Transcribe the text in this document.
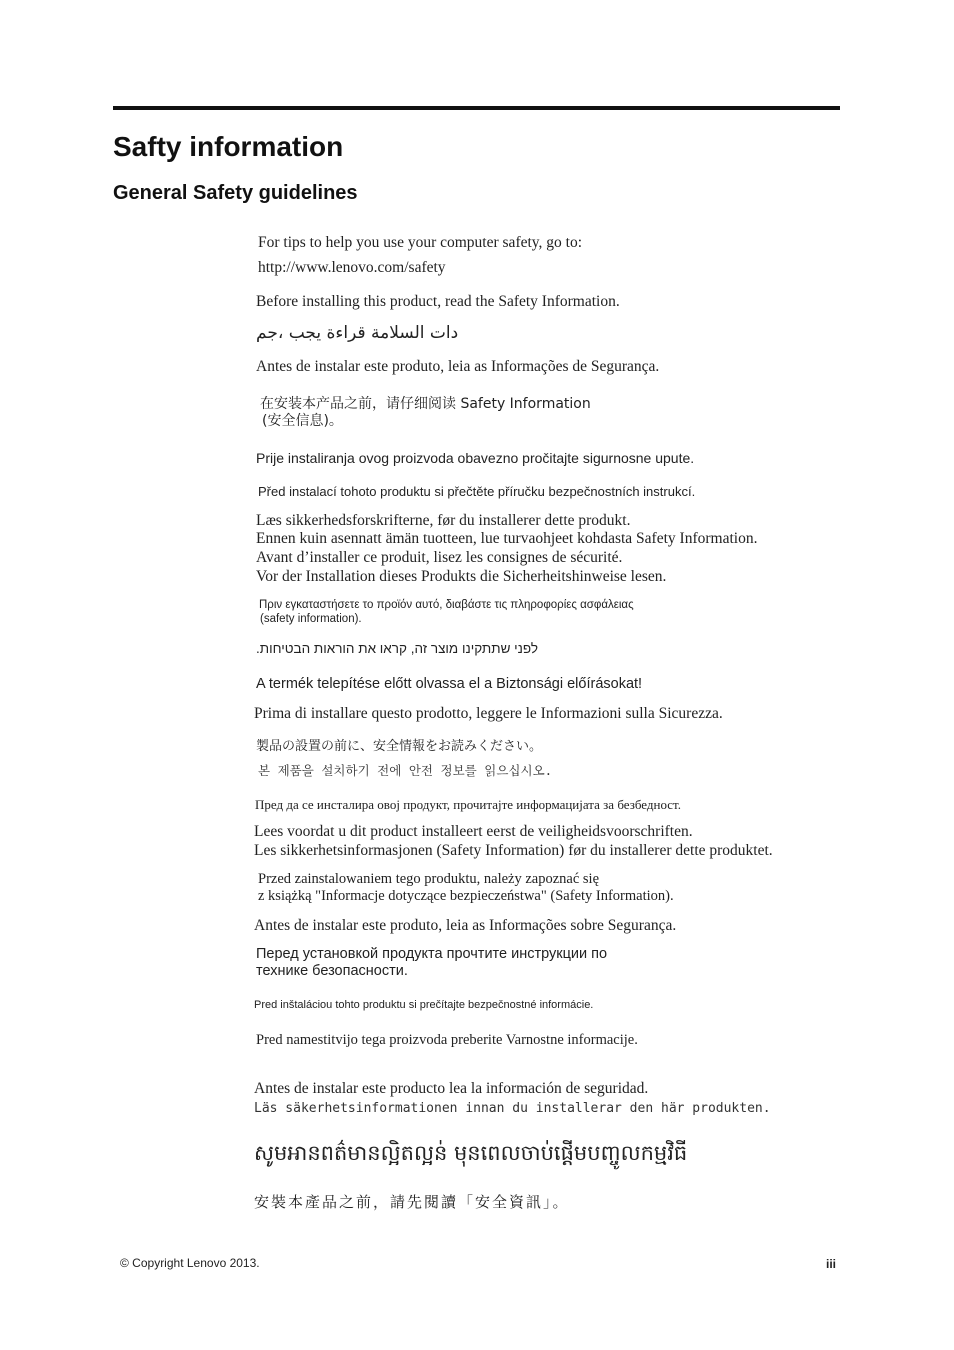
Safty information
General Safety guidelines
For tips to help you use your computer safety, go to:
http://www.lenovo.com/safety
Before installing this product, read the Safety Information.
دات السلامة قراءة يجب ،جم
Antes de instalar este produto, leia as Informações de Segurança.
在安装本产品之前，请仔细阅读 Safety Information
(安全信息)。
Prije instaliranja ovog proizvoda obavezno pročitajte sigurnosne upute.
Před instalací tohoto produktu si přečtěte příručku bezpečnostních instrukcí.
Læs sikkerhedsforskrifterne, før du installerer dette produkt.
Ennen kuin asennatt ämän tuotteen, lue turvaohjeet kohdasta Safety Information.
Avant d’installer ce produit, lisez les consignes de sécurité.
Vor der Installation dieses Produkts die Sicherheitshinweise lesen.
Πριν εγκαταστήσετε το προϊόν αυτό, διαβάστε τις πληροφορίες ασφάλειας
(safety information).
לפני שתתקינו מוצר זה, קראו את הוראות הבטיחות.
A termék telepítése előtt olvassa el a Biztonsági előírásokat!
Prima di installare questo prodotto, leggere le Informazioni sulla Sicurezza.
製品の設置の前に、安全情報をお読みください。
본 제품을 설치하기 전에 안전 정보를 읽으십시오.
Пред да се инсталира овој продукт, прочитајте информацијата за безбедност.
Lees voordat u dit product installeert eerst de veiligheidsvoorschriften.
Les sikkerhetsinformasjonen (Safety Information) før du installerer dette produktet.
Przed zainstalowaniem tego produktu, należy zapoznać się
z książką "Informacje dotyczące bezpieczeństwa" (Safety Information).
Antes de instalar este produto, leia as Informações sobre Segurança.
Перед установкой продукта прочтите инструкции по
технике безопасности.
Pred inštaláciou tohto produktu si prečítajte bezpečnostné informácie.
Pred namestitvijo tega proizvoda preberite Varnostne informacije.
Antes de instalar este producto lea la información de seguridad.
Läs säkerhetsinformationen innan du installerar den här produkten.
សូមអានពត៌មានល្អិតល្អន់ មុនពេលចាប់ផ្តើមបញ្ចូលកម្មវិធី
安裝本產品之前，請先閱讀「安全資訊」。
© Copyright Lenovo 2013.	iii
